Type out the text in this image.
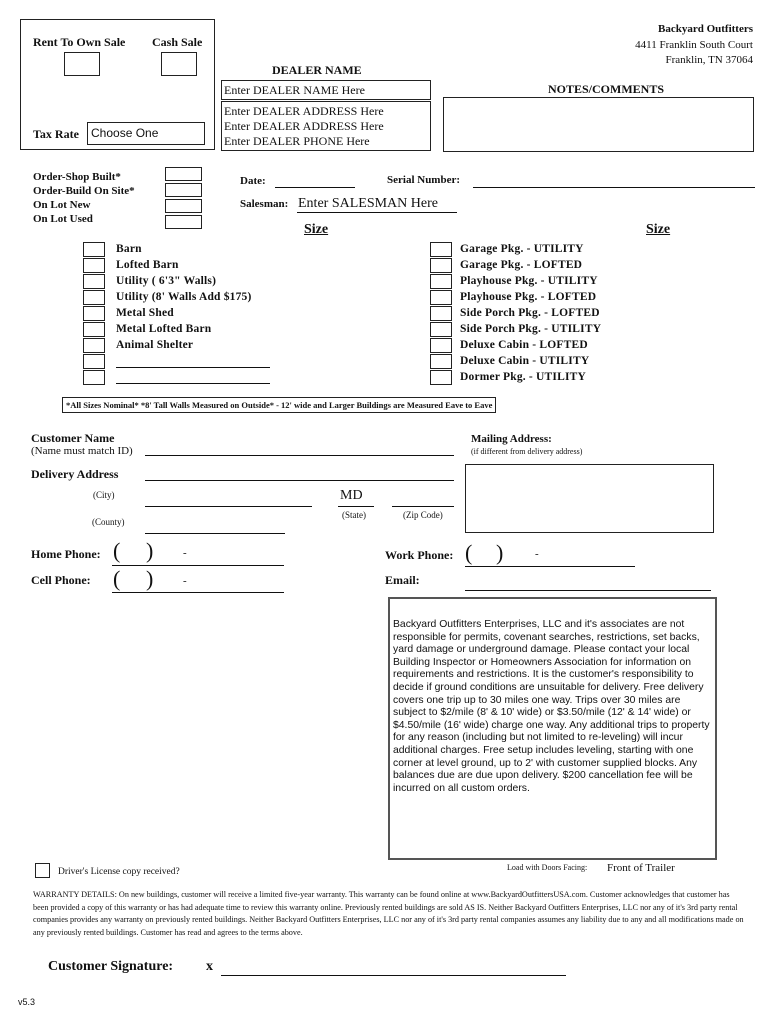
Rent To Own Sale Cash Sale
Tax Rate	Choose One
DEALER NAME
Enter DEALER NAME Here
Enter DEALER ADDRESS Here
Enter DEALER ADDRESS Here
Enter DEALER PHONE Here
Backyard Outfitters
4411 Franklin South Court
Franklin, TN 37064
NOTES/COMMENTS
Order-Shop Built*
Order-Build On Site*
On Lot New
On Lot Used
Date:	Serial Number:
Salesman: Enter SALESMAN Here
Size	Size
Barn
Lofted Barn
Utility ( 6'3" Walls)
Utility (8' Walls Add $175)
Metal Shed
Metal Lofted Barn
Animal Shelter
Garage Pkg. - UTILITY
Garage Pkg. - LOFTED
Playhouse Pkg. - UTILITY
Playhouse Pkg. - LOFTED
Side Porch Pkg. - LOFTED
Side Porch Pkg. - UTILITY
Deluxe Cabin - LOFTED
Deluxe Cabin - UTILITY
Dormer Pkg. - UTILITY
*All Sizes Nominal* *8' Tall Walls Measured on Outside* - 12' wide and Larger Buildings are Measured Eave to Eave
Customer Name
(Name must match ID)
Delivery Address
(City)	MD
(State)	(Zip Code)
(County)
Mailing Address:
(if different from delivery address)
Home Phone: ( )	-
Cell Phone: ( )	-
Work Phone: ( )	-
Email:
Backyard Outfitters Enterprises, LLC and it's associates are not responsible for permits, covenant searches, restrictions, set backs, yard damage or underground damage. Please contact your local Building Inspector or Homeowners Association for information on requirements and restrictions. It is the customer's responsibility to decide if ground conditions are unsuitable for delivery. Free delivery covers one trip up to 30 miles one way. Trips over 30 miles are subject to $2/mile (8' & 10' wide) or $3.50/mile (12' & 14' wide) or $4.50/mile (16' wide) charge one way. Any additional trips to property for any reason (including but not limited to re-leveling) will incur additional charges. Free setup includes leveling, starting with one corner at level ground, up to 2' with customer supplied blocks. Any balances due are due upon delivery. $200 cancellation fee will be incurred on all custom orders.
Driver's License copy received?	Load with Doors Facing: Front of Trailer
WARRANTY DETAILS: On new buildings, customer will receive a limited five-year warranty. This warranty can be found online at www.BackyardOutfittersUSA.com. Customer acknowledges that customer has been provided a copy of this warranty or has had adequate time to review this warranty online. Previously rented buildings are sold AS IS. Neither Backyard Outfitters Enterprises, LLC nor any of it's 3rd party rental companies provides any warranty on previously rented buildings. Neither Backyard Outfitters Enterprises, LLC nor any of it's 3rd party rental companies assumes any liability due to any and all modifications made on any previously rented buildings. Customer has read and agrees to the terms above.
Customer Signature: x
v5.3
